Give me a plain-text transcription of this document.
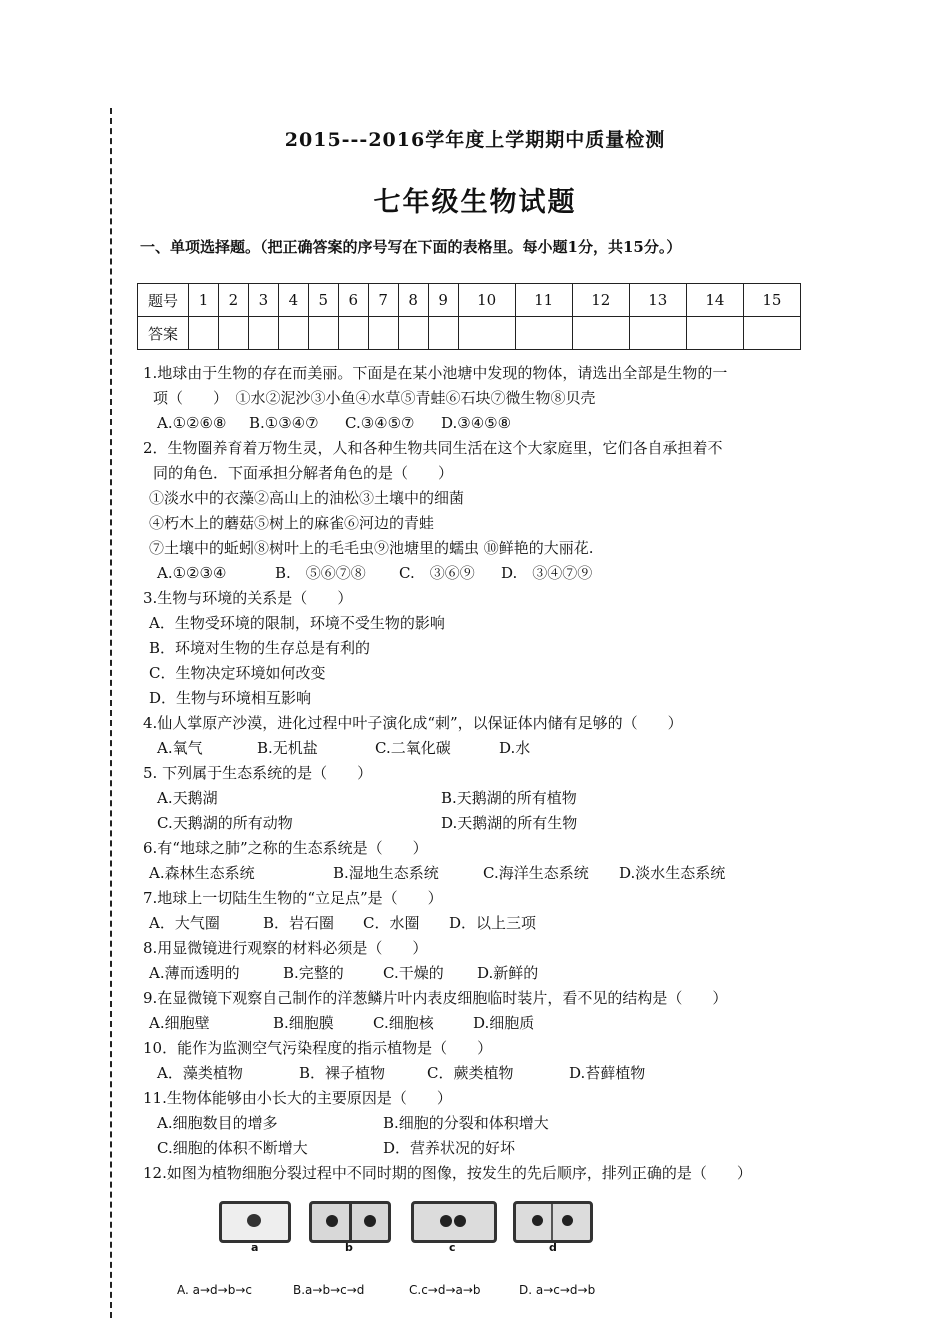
2015---2016学年度上学期期中质量检测
七年级生物试题
一、单项选择题。（把正确答案的序号写在下面的表格里。每小题1分，共15分。）
题号	1	2	3	4	5	6	7	8	9	10	11	12	13	14	15
答案															
1.地球由于生物的存在而美丽。下面是在某小池塘中发现的物体，请选出全部是生物的一
项（　　）　①水②泥沙③小鱼④水草⑤青蛙⑥石块⑦微生物⑧贝壳
A.①②⑥⑧ B.①③④⑦ C.③④⑤⑦ D.③④⑤⑧
2．生物圈养育着万物生灵，人和各种生物共同生活在这个大家庭里，它们各自承担着不
同的角色．下面承担分解者角色的是（　　）
①淡水中的衣藻②高山上的油松③土壤中的细菌
④朽木上的蘑菇⑤树上的麻雀⑥河边的青蛙
⑦土壤中的蚯蚓⑧树叶上的毛毛虫⑨池塘里的蠕虫 ⑩鲜艳的大丽花.
A.①②③④	B.　⑤⑥⑦⑧ C.　③⑥⑨ D.　③④⑦⑨
3.生物与环境的关系是（　　）
A．生物受环境的限制，环境不受生物的影响
B．环境对生物的生存总是有利的
C．生物决定环境如何改变
D．生物与环境相互影响
4.仙人掌原产沙漠，进化过程中叶子演化成“刺”，以保证体内储有足够的（　　）
A.氧气	B.无机盐	C.二氧化碳	D.水
5. 下列属于生态系统的是（　　）
A.天鹅湖	B.天鹅湖的所有植物
C.天鹅湖的所有动物	D.天鹅湖的所有生物
6.有“地球之肺”之称的生态系统是（　　）
A.森林生态系统	B.湿地生态系统	C.海洋生态系统 D.淡水生态系统
7.地球上一切陆生生物的“立足点”是（　　）
A．大气圈	B．岩石圈 C．水圈 D．以上三项
8.用显微镜进行观察的材料必须是（　　）
A.薄而透明的	B.完整的	C.干燥的 D.新鲜的
9.在显微镜下观察自己制作的洋葱鳞片叶内表皮细胞临时装片，看不见的结构是（　　）
A.细胞壁	B.细胞膜	C.细胞核	D.细胞质
10．能作为监测空气污染程度的指示植物是（　　）
A．藻类植物	B．裸子植物	C．蕨类植物	D.苔藓植物
11.生物体能够由小长大的主要原因是（　　）
A.细胞数目的增多	B.细胞的分裂和体积增大
C.细胞的体积不断增大	D．营养状况的好坏
12.如图为植物细胞分裂过程中不同时期的图像，按发生的先后顺序，排列正确的是（　　）
a	b	c	d
A. a→d→b→c	B.a→b→c→d	C.c→d→a→b	D. a→c→d→b
